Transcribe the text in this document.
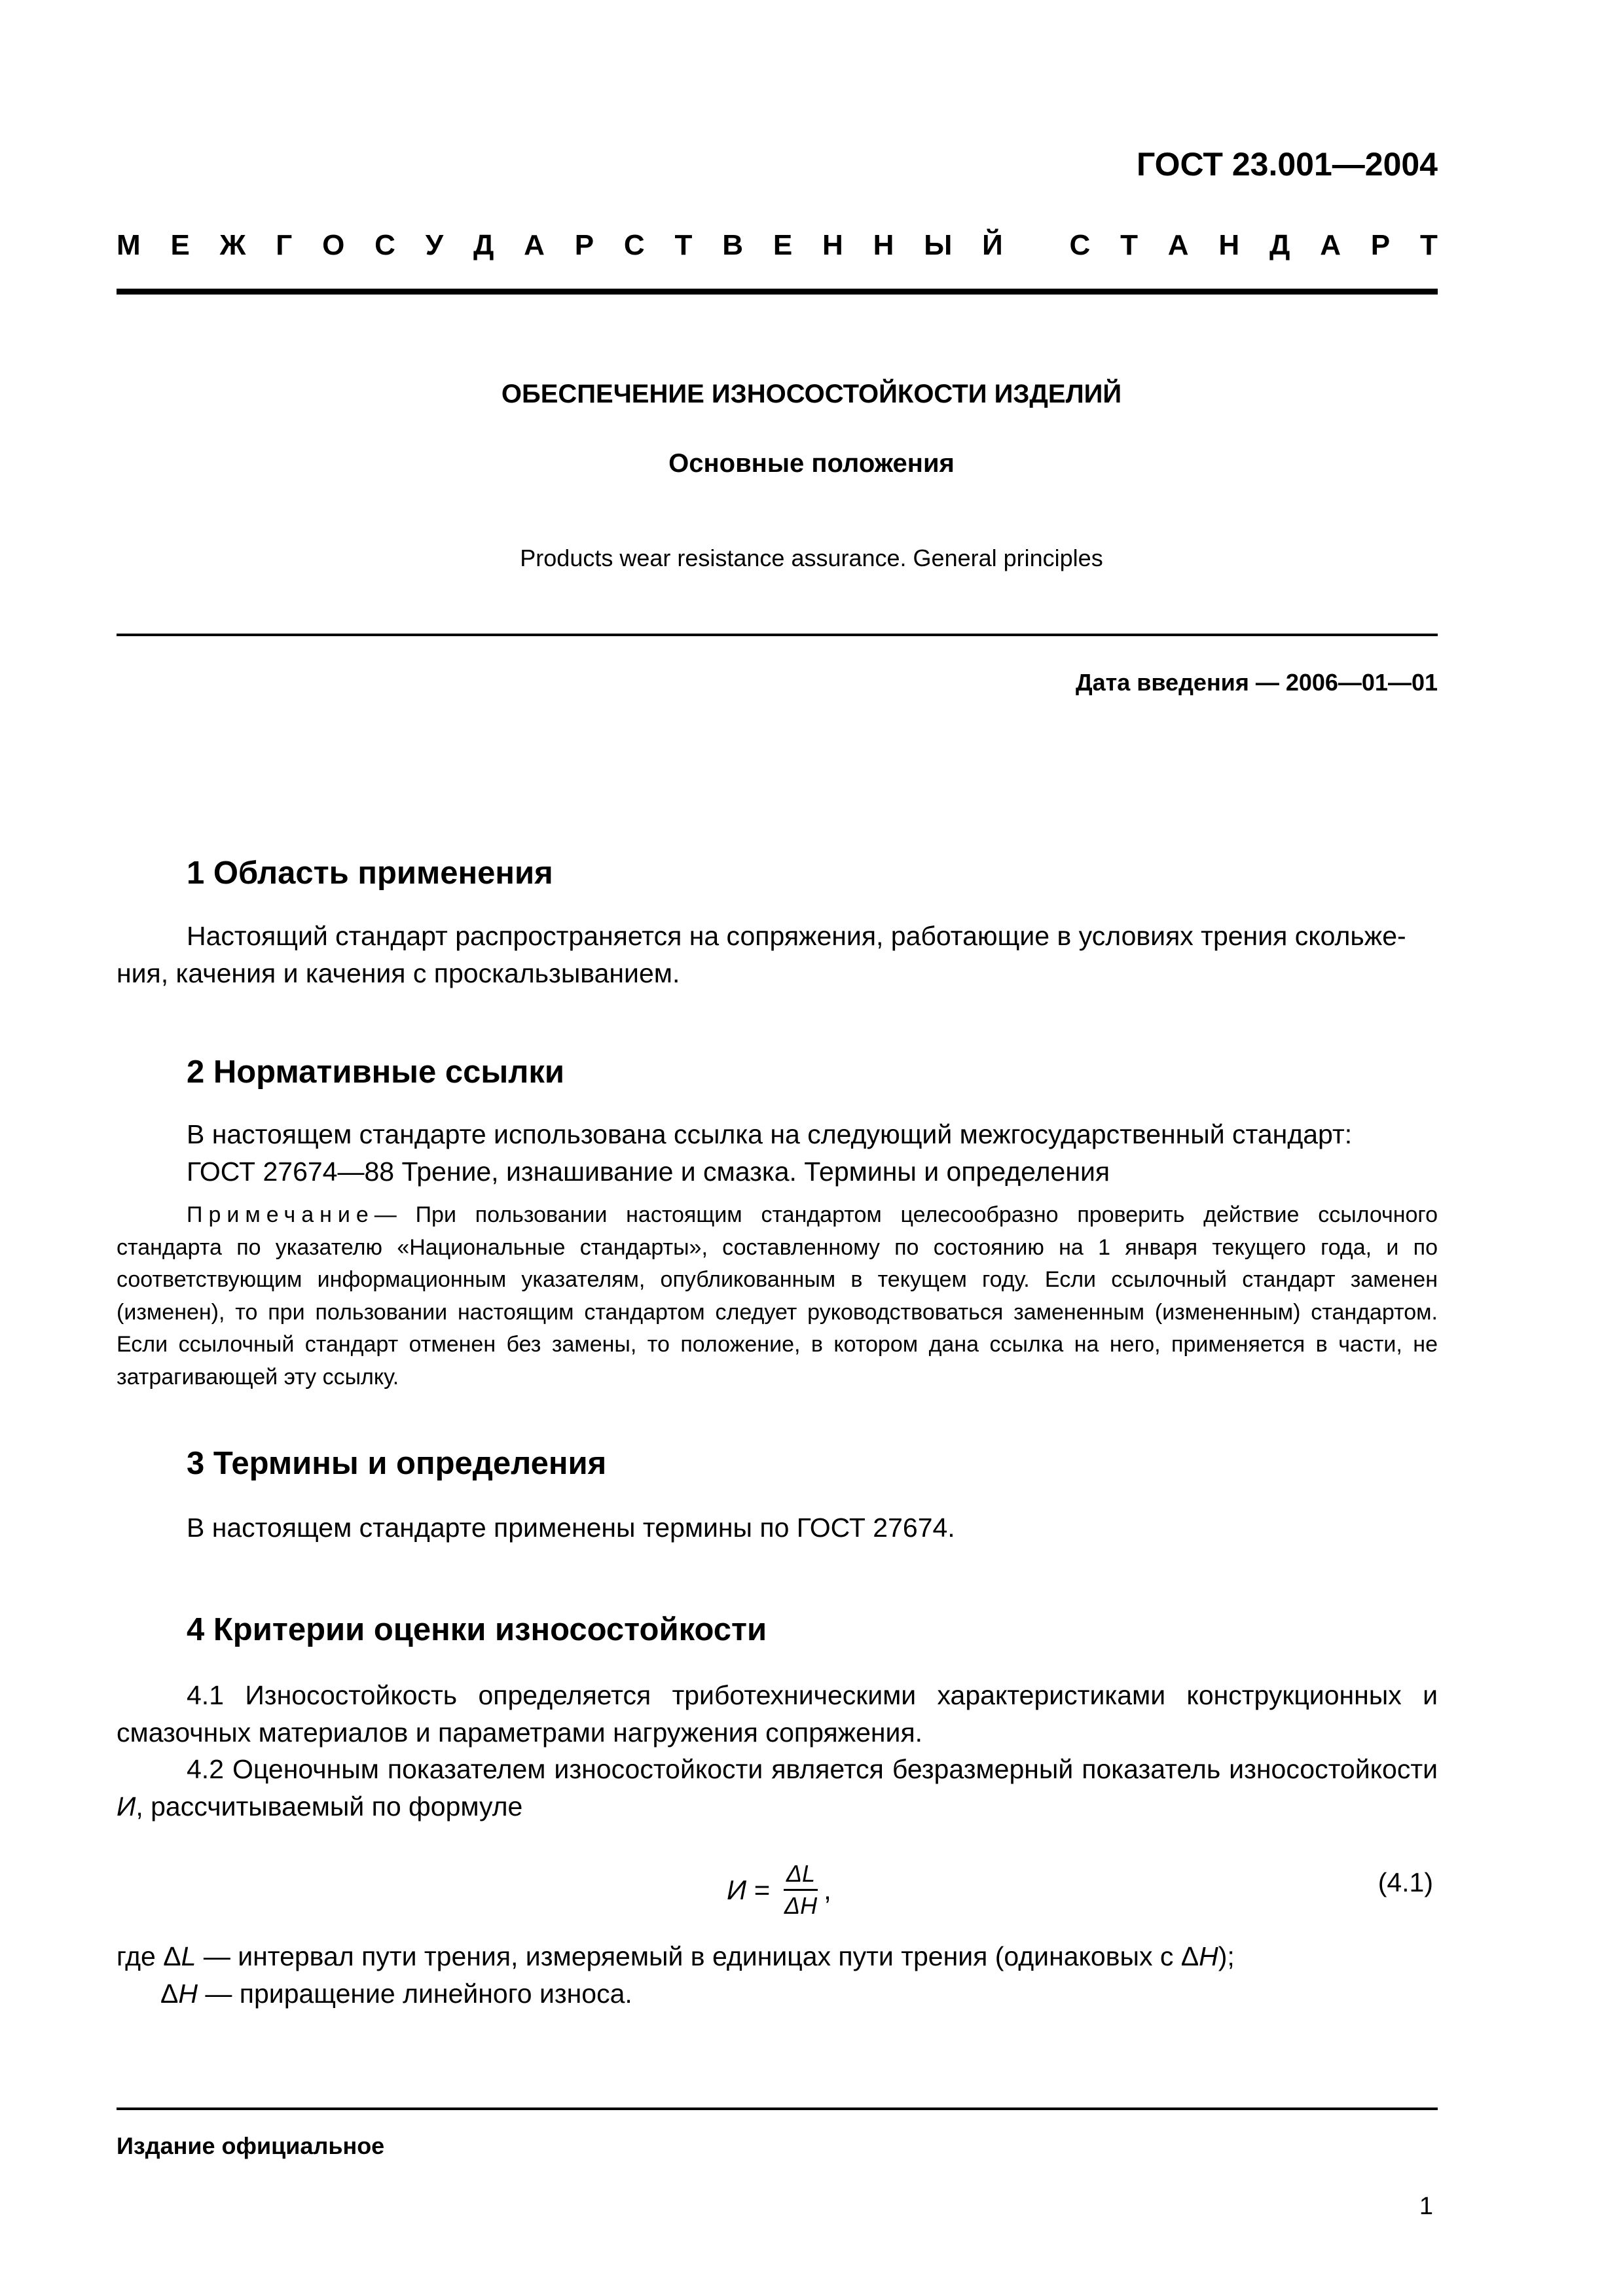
ГОСТ 23.001—2004
М Е Ж Г О С У Д А Р С Т В Е Н Н Ы Й С Т А Н Д А Р Т
ОБЕСПЕЧЕНИЕ ИЗНОСОСТОЙКОСТИ ИЗДЕЛИЙ
Основные положения
Products wear resistance assurance. General principles
Дата введения — 2006—01—01
1 Область применения
Настоящий стандарт распространяется на сопряжения, работающие в условиях трения скольже-
ния, качения и качения с проскальзыванием.
2 Нормативные ссылки
В настоящем стандарте использована ссылка на следующий межгосударственный стандарт:
ГОСТ 27674—88 Трение, изнашивание и смазка. Термины и определения
Примечание— При пользовании настоящим стандартом целесообразно проверить действие ссылочного стандарта по указателю «Национальные стандарты», составленному по состоянию на 1 января текущего года, и по соответствующим информационным указателям, опубликованным в текущем году. Если ссылочный стандарт заменен (изменен), то при пользовании настоящим стандартом следует руководствоваться замененным (измененным) стандартом. Если ссылочный стандарт отменен без замены, то положение, в котором дана ссылка на него, применяется в части, не затрагивающей эту ссылку.
3 Термины и определения
В настоящем стандарте применены термины по ГОСТ 27674.
4 Критерии оценки износостойкости
4.1 Износостойкость определяется триботехническими характеристиками конструкционных и смазочных материалов и параметрами нагружения сопряжения.
4.2 Оценочным показателем износостойкости является безразмерный показатель износостойкости И, рассчитываемый по формуле
$И = \frac{\Delta L}{\Delta H}$ ,	(4.1)
где ΔL — интервал пути трения, измеряемый в единицах пути трения (одинаковых с ΔH);
ΔH — приращение линейного износа.
Издание официальное
1
